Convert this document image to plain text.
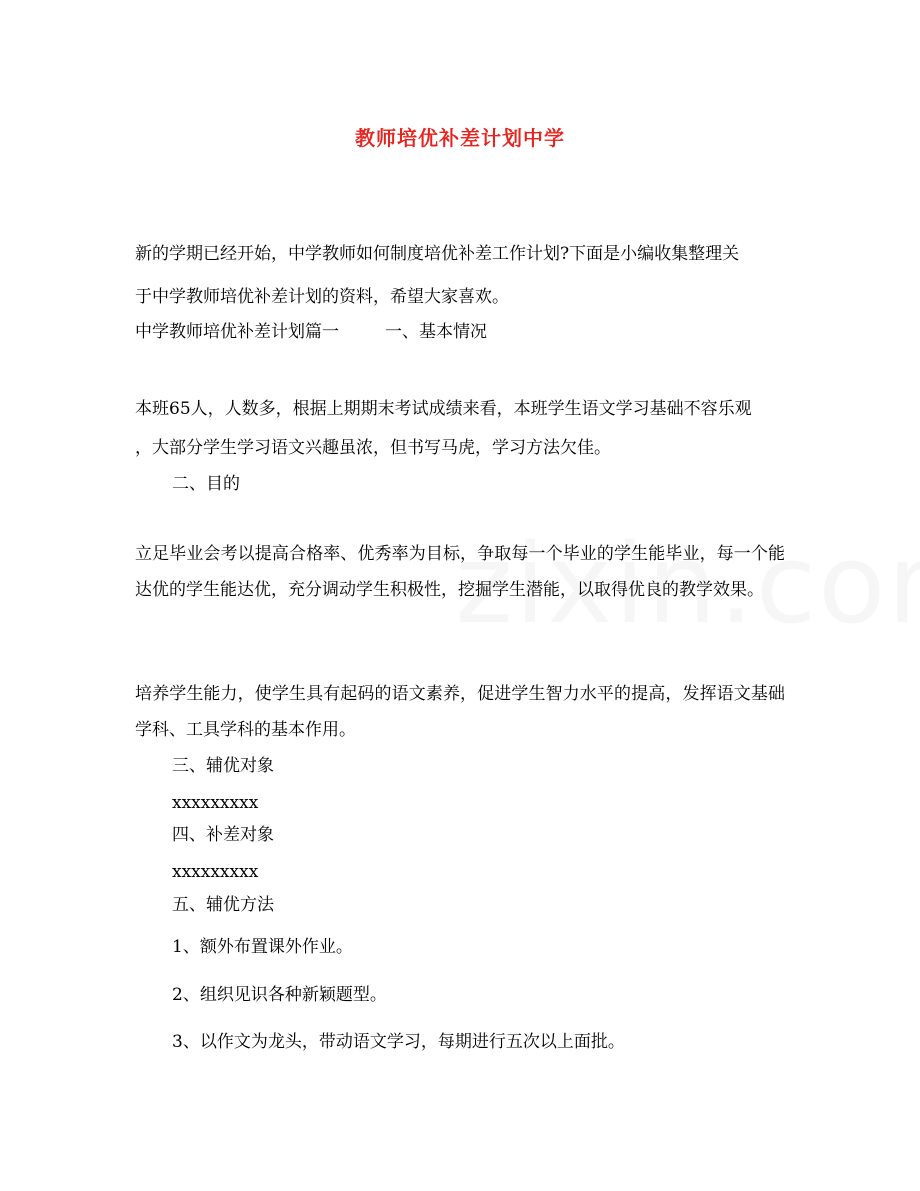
教师培优补差计划中学
新的学期已经开始，中学教师如何制度培优补差工作计划?下面是小编收集整理关
于中学教师培优补差计划的资料，希望大家喜欢。
中学教师培优补差计划篇一	一、基本情况
本班65人，人数多，根据上期期末考试成绩来看，本班学生语文学习基础不容乐观
，大部分学生学习语文兴趣虽浓，但书写马虎，学习方法欠佳。
二、目的
立足毕业会考以提高合格率、优秀率为目标，争取每一个毕业的学生能毕业，每一个能达优的学生能达优，充分调动学生积极性，挖掘学生潜能，以取得优良的教学效果。
培养学生能力，使学生具有起码的语文素养，促进学生智力水平的提高，发挥语文基础学科、工具学科的基本作用。
三、辅优对象
xxxxxxxxx
四、补差对象
xxxxxxxxx
五、辅优方法
1、额外布置课外作业。
2、组织见识各种新颖题型。
3、以作文为龙头，带动语文学习，每期进行五次以上面批。
